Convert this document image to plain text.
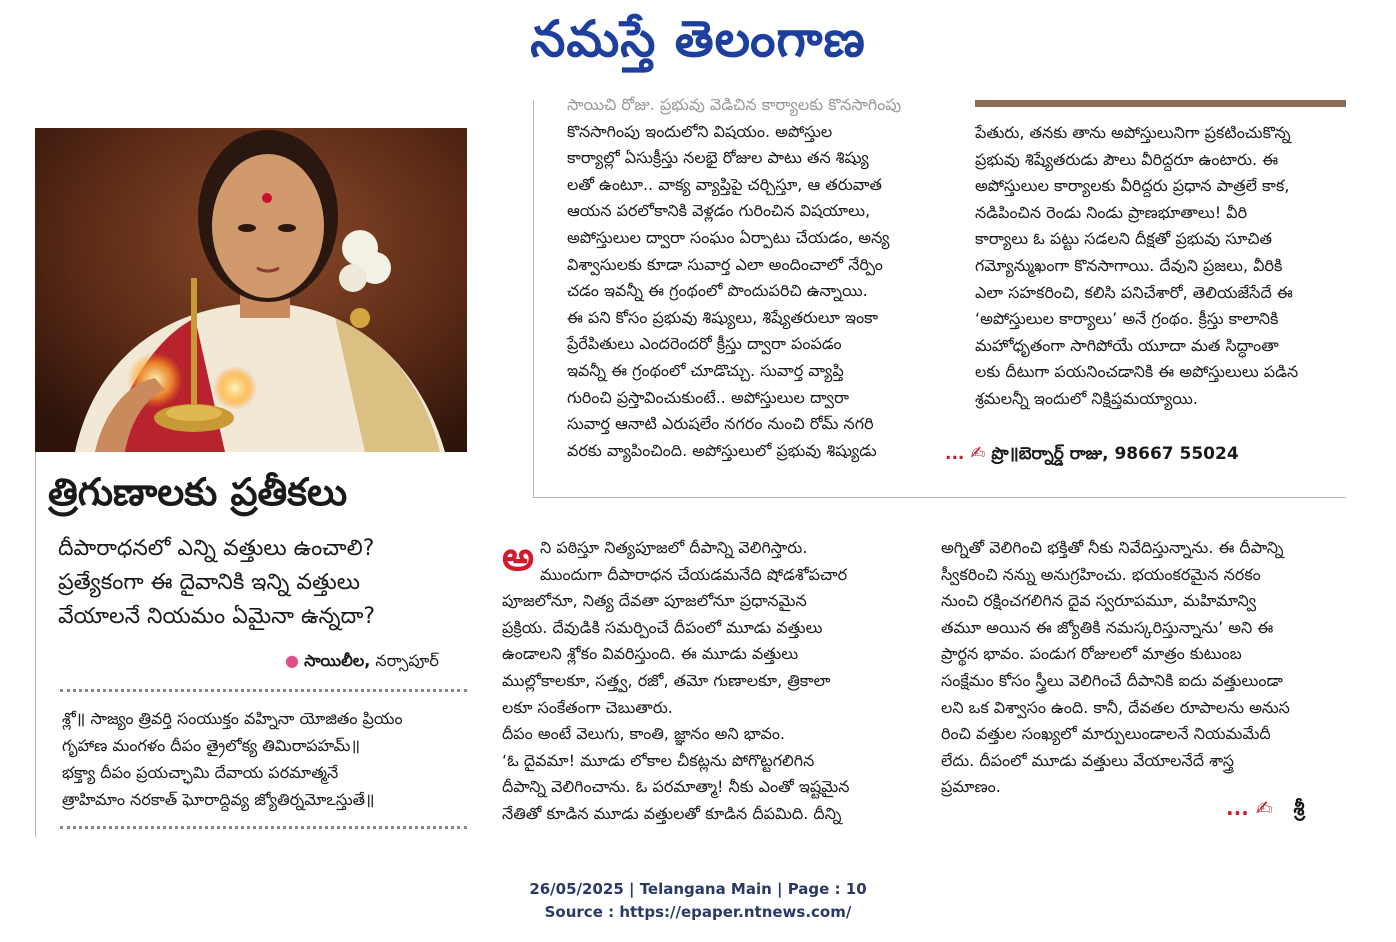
నమస్తే తెలంగాణ

సాయిచి రోజు. ప్రభువు వెడిచిన కార్యాలకు కొనసాగింపు

కొనసాగింపు ఇందులోని విషయం. అపోస్తుల

కార్యాల్లో ఏసుక్రీస్తు నలభై రోజుల పాటు తన శిష్యు

లతో ఉంటూ.. వాక్య వ్యాప్తిపై చర్చిస్తూ, ఆ తరువాత

ఆయన పరలోకానికి వెళ్లడం గురించిన విషయాలు,

అపోస్తులుల ద్వారా సంఘం ఏర్పాటు చేయడం, అన్య

విశ్వాసులకు కూడా సువార్త ఎలా అందించాలో నేర్పిం

చడం ఇవన్నీ ఈ గ్రంథంలో పొందుపరిచి ఉన్నాయి.

ఈ పని కోసం ప్రభువు శిష్యులు, శిష్యేతరులూ ఇంకా

ప్రేరేపితులు ఎందరెందరో క్రీస్తు ద్వారా పంపడం

ఇవన్నీ ఈ గ్రంథంలో చూడొచ్చు. సువార్త వ్యాప్తి

గురించి ప్రస్తావించుకుంటే.. అపోస్తులుల ద్వారా

సువార్త ఆనాటి ఎరుషలేం నగరం నుంచి రోమ్ నగరి

వరకు వ్యాపించింది. అపోస్తులులో ప్రభువు శిష్యుడు

పేతురు, తనకు తాను అపోస్తులునిగా ప్రకటించుకొన్న

ప్రభువు శిష్యేతరుడు పౌలు వీరిద్దరూ ఉంటారు. ఈ

అపోస్తులుల కార్యాలకు వీరిద్దరు ప్రధాన పాత్రలే కాక,

నడిపించిన రెండు నిండు ప్రాణభూతాలు! వీరి

కార్యాలు ఓ పట్టు సడలని దీక్షతో ప్రభువు సూచిత

గమ్యోన్ముఖంగా కొనసాగాయి. దేవుని ప్రజలు, వీరికి

ఎలా సహకరించి, కలిసి పనిచేశారో, తెలియజేసేదే ఈ

‘అపోస్తులుల కార్యాలు’ అనే గ్రంథం. క్రీస్తు కాలానికి

మహోధృతంగా సాగిపోయే యూదా మత సిద్ధాంతా

లకు దీటుగా పయనించడానికి ఈ అపోస్తులులు పడిన

శ్రమలన్నీ ఇందులో నిక్షిప్తమయ్యాయి.

... ✍ ప్రొ॥బెర్నార్డ్ రాజు, 98667 55024
త్రిగుణాలకు ప్రతీకలు
దీపారాధనలో ఎన్ని వత్తులు ఉంచాలి?
ప్రత్యేకంగా ఈ దైవానికి ఇన్ని వత్తులు
వేయాలనే నియమం ఏమైనా ఉన్నదా?
● సాయిలీల, నర్సాపూర్
శ్లో॥ సాజ్యం త్రివర్తి సంయుక్తం వహ్నినా యోజితం ప్రియం
గృహాణ మంగళం దీపం త్రైలోక్య తిమిరాపహమ్॥
భక్త్యా దీపం ప్రయచ్ఛామి దేవాయ పరమాత్మనే
త్రాహిమాం నరకాత్ ఘోరాద్దివ్య జ్యోతిర్నమోఽస్తుతే॥

అని పఠిస్తూ నిత్యపూజలో దీపాన్ని వెలిగిస్తారు.

ముందుగా దీపారాధన చేయడమనేది షోడశోపచార

పూజలోనూ, నిత్య దేవతా పూజలోనూ ప్రధానమైన

ప్రక్రియ. దేవుడికి సమర్పించే దీపంలో మూడు వత్తులు

ఉండాలని శ్లోకం వివరిస్తుంది. ఈ మూడు వత్తులు

ముల్లోకాలకూ, సత్త్వ, రజో, తమో గుణాలకూ, త్రికాలా

లకూ సంకేతంగా చెబుతారు.

దీపం అంటే వెలుగు, కాంతి, జ్ఞానం అని భావం.

‘ఓ దైవమా! మూడు లోకాల చీకట్లను పోగొట్టగలిగిన

దీపాన్ని వెలిగించాను. ఓ పరమాత్మా! నీకు ఎంతో ఇష్టమైన

నేతితో కూడిన మూడు వత్తులతో కూడిన దీపమిది. దీన్ని

అగ్నితో వెలిగించి భక్తితో నీకు నివేదిస్తున్నాను. ఈ దీపాన్ని

స్వీకరించి నన్ను అనుగ్రహించు. భయంకరమైన నరకం

నుంచి రక్షించగలిగిన దైవ స్వరూపమూ, మహిమాన్వి

తమూ అయిన ఈ జ్యోతికి నమస్కరిస్తున్నాను’ అని ఈ

ప్రార్థన భావం. పండుగ రోజులలో మాత్రం కుటుంబ

సంక్షేమం కోసం స్త్రీలు వెలిగించే దీపానికి ఐదు వత్తులుండా

లని ఒక విశ్వాసం ఉంది. కానీ, దేవతల రూపాలను అనుస

రించి వత్తుల సంఖ్యలో మార్పులుండాలనే నియమమేదీ

లేదు. దీపంలో మూడు వత్తులు వేయాలనేదే శాస్త్ర

ప్రమాణం.

... ✍ శ్రీ
26/05/2025 | Telangana Main | Page : 10
Source : https://epaper.ntnews.com/
